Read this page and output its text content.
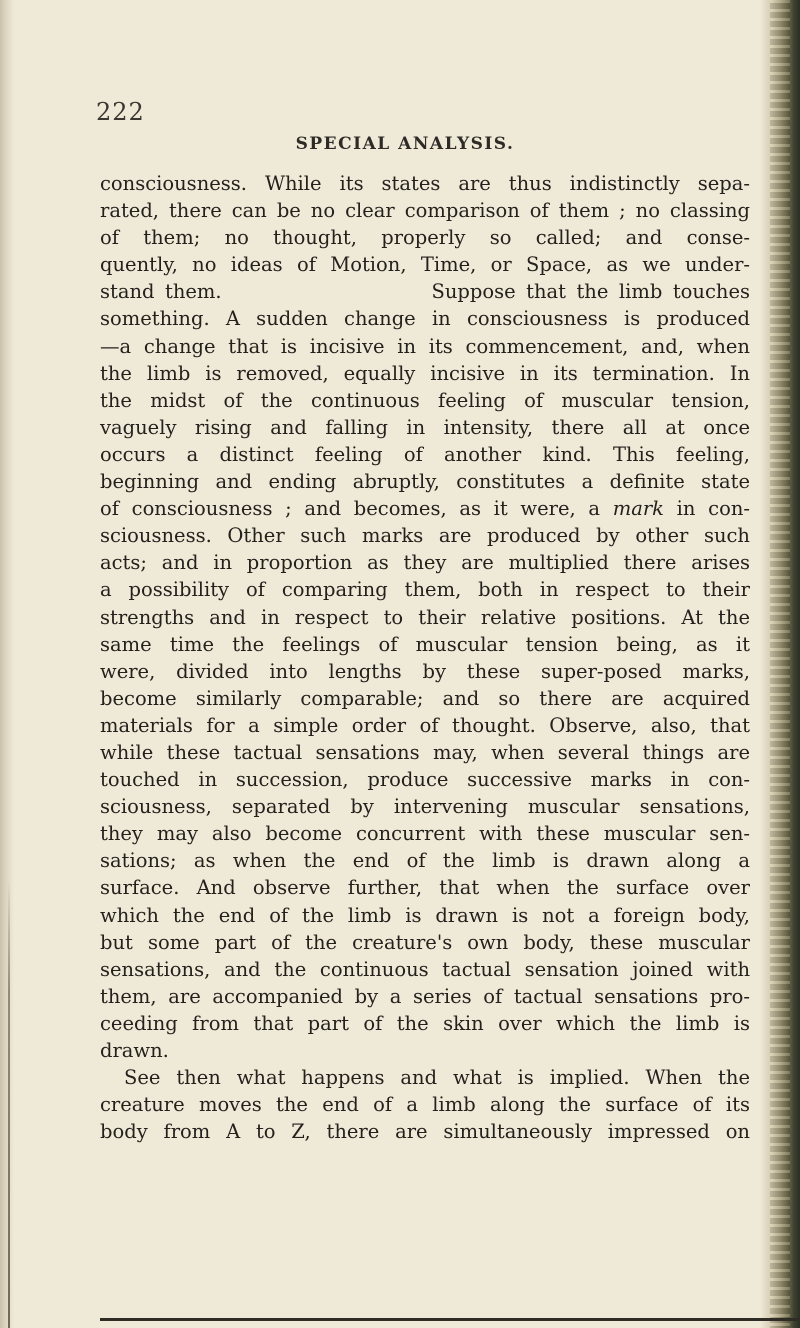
222
SPECIAL ANALYSIS.
consciousness. While its states are thus indistinctly sepa-
rated, there can be no clear comparison of them ; no classing
of them; no thought, properly so called; and conse-
quently, no ideas of Motion, Time, or Space, as we under-
stand them.                    Suppose that the limb touches
something. A sudden change in consciousness is produced
—a change that is incisive in its commencement, and, when
the limb is removed, equally incisive in its termination. In
the midst of the continuous feeling of muscular tension,
vaguely rising and falling in intensity, there all at once
occurs a distinct feeling of another kind. This feeling,
beginning and ending abruptly, constitutes a definite state
of consciousness ; and becomes, as it were, a mark in con-
sciousness. Other such marks are produced by other such
acts; and in proportion as they are multiplied there arises
a possibility of comparing them, both in respect to their
strengths and in respect to their relative positions. At the
same time the feelings of muscular tension being, as it
were, divided into lengths by these super-posed marks,
become similarly comparable; and so there are acquired
materials for a simple order of thought. Observe, also, that
while these tactual sensations may, when several things are
touched in succession, produce successive marks in con-
sciousness, separated by intervening muscular sensations,
they may also become concurrent with these muscular sen-
sations; as when the end of the limb is drawn along a
surface. And observe further, that when the surface over
which the end of the limb is drawn is not a foreign body,
but some part of the creature's own body, these muscular
sensations, and the continuous tactual sensation joined with
them, are accompanied by a series of tactual sensations pro-
ceeding from that part of the skin over which the limb is
drawn.
See then what happens and what is implied. When the
creature moves the end of a limb along the surface of its
body from A to Z, there are simultaneously impressed on
